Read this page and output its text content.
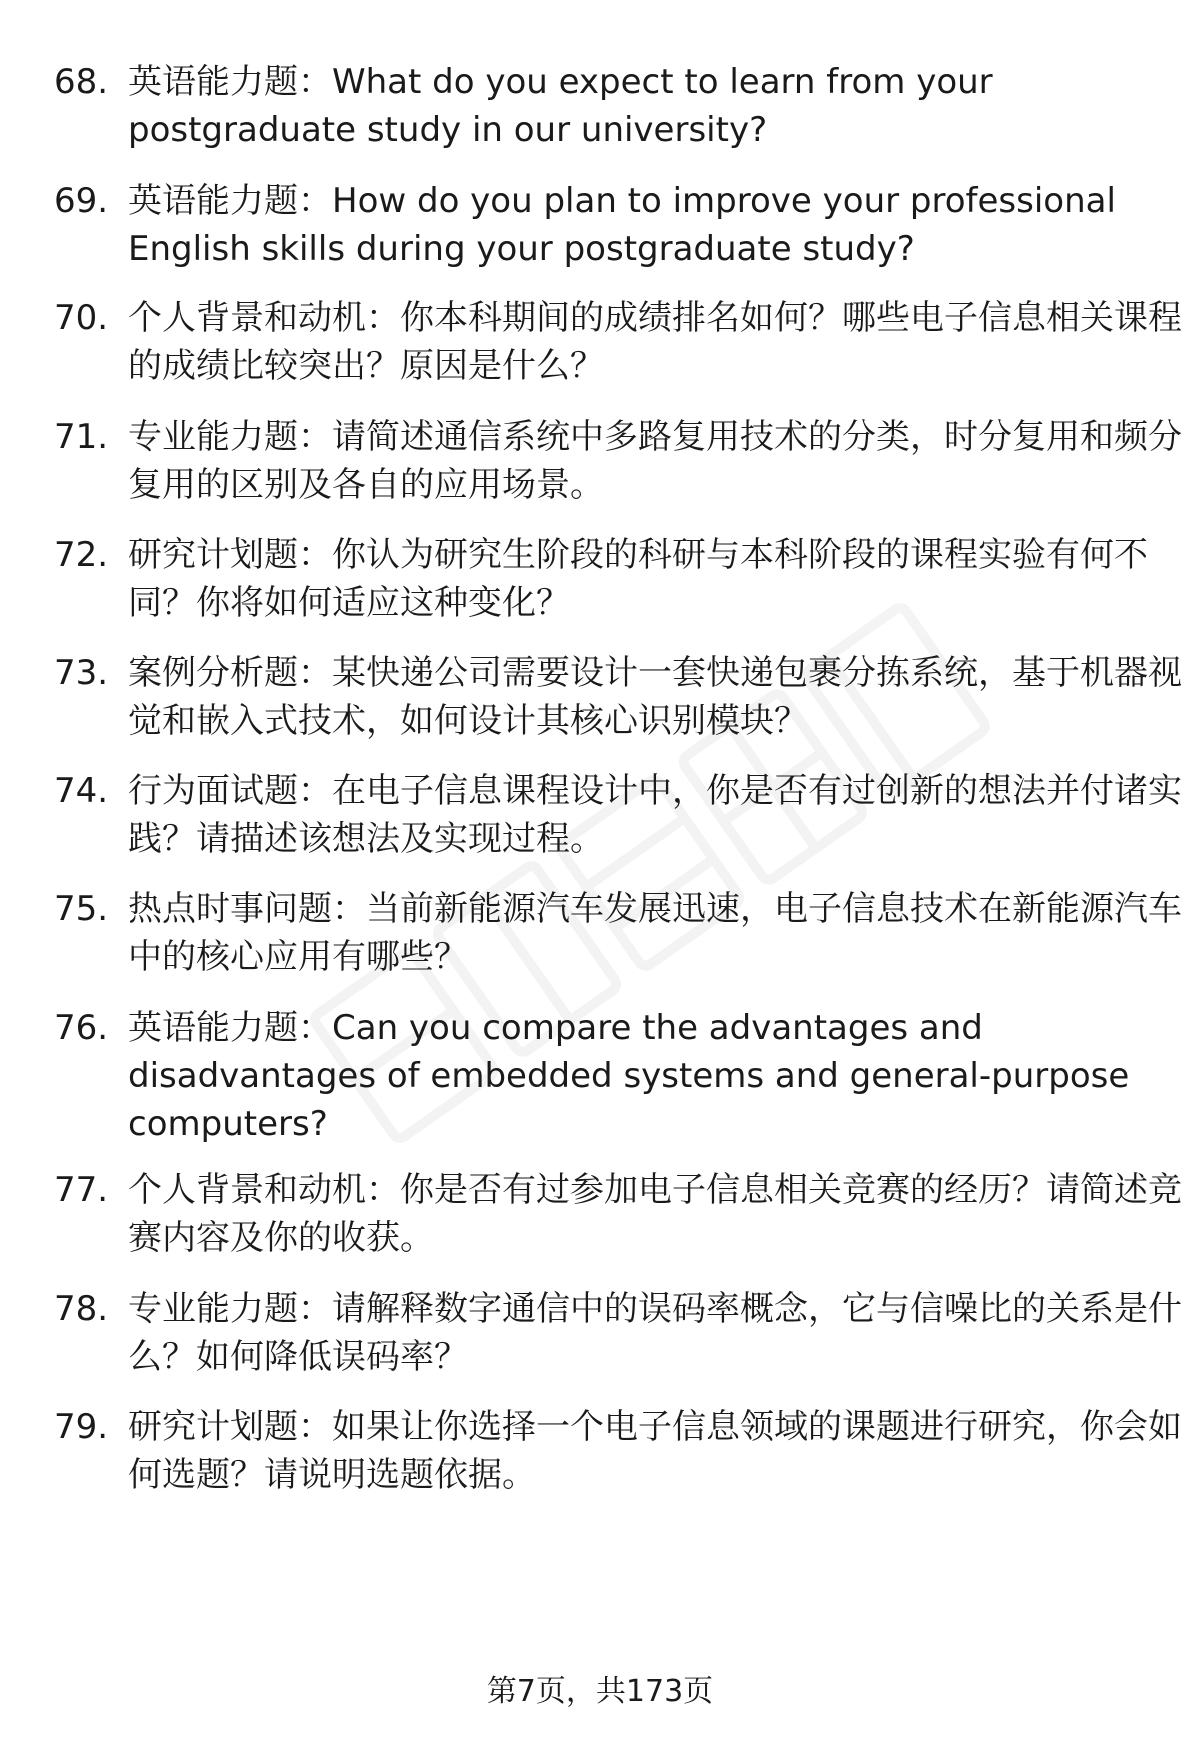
68. 英语能力题：What do you expect to learn from your postgraduate study in our university?
69. 英语能力题：How do you plan to improve your professional English skills during your postgraduate study?
70. 个人背景和动机：你本科期间的成绩排名如何？哪些电子信息相关课程的成绩比较突出？原因是什么？
71. 专业能力题：请简述通信系统中多路复用技术的分类，时分复用和频分复用的区别及各自的应用场景。
72. 研究计划题：你认为研究生阶段的科研与本科阶段的课程实验有何不同？你将如何适应这种变化？
73. 案例分析题：某快递公司需要设计一套快递包裹分拣系统，基于机器视觉和嵌入式技术，如何设计其核心识别模块？
74. 行为面试题：在电子信息课程设计中，你是否有过创新的想法并付诸实践？请描述该想法及实现过程。
75. 热点时事问题：当前新能源汽车发展迅速，电子信息技术在新能源汽车中的核心应用有哪些？
76. 英语能力题：Can you compare the advantages and disadvantages of embedded systems and general-purpose computers?
77. 个人背景和动机：你是否有过参加电子信息相关竞赛的经历？请简述竞赛内容及你的收获。
78. 专业能力题：请解释数字通信中的误码率概念，它与信噪比的关系是什么？如何降低误码率？
79. 研究计划题：如果让你选择一个电子信息领域的课题进行研究，你会如何选题？请说明选题依据。
第7页，共173页
